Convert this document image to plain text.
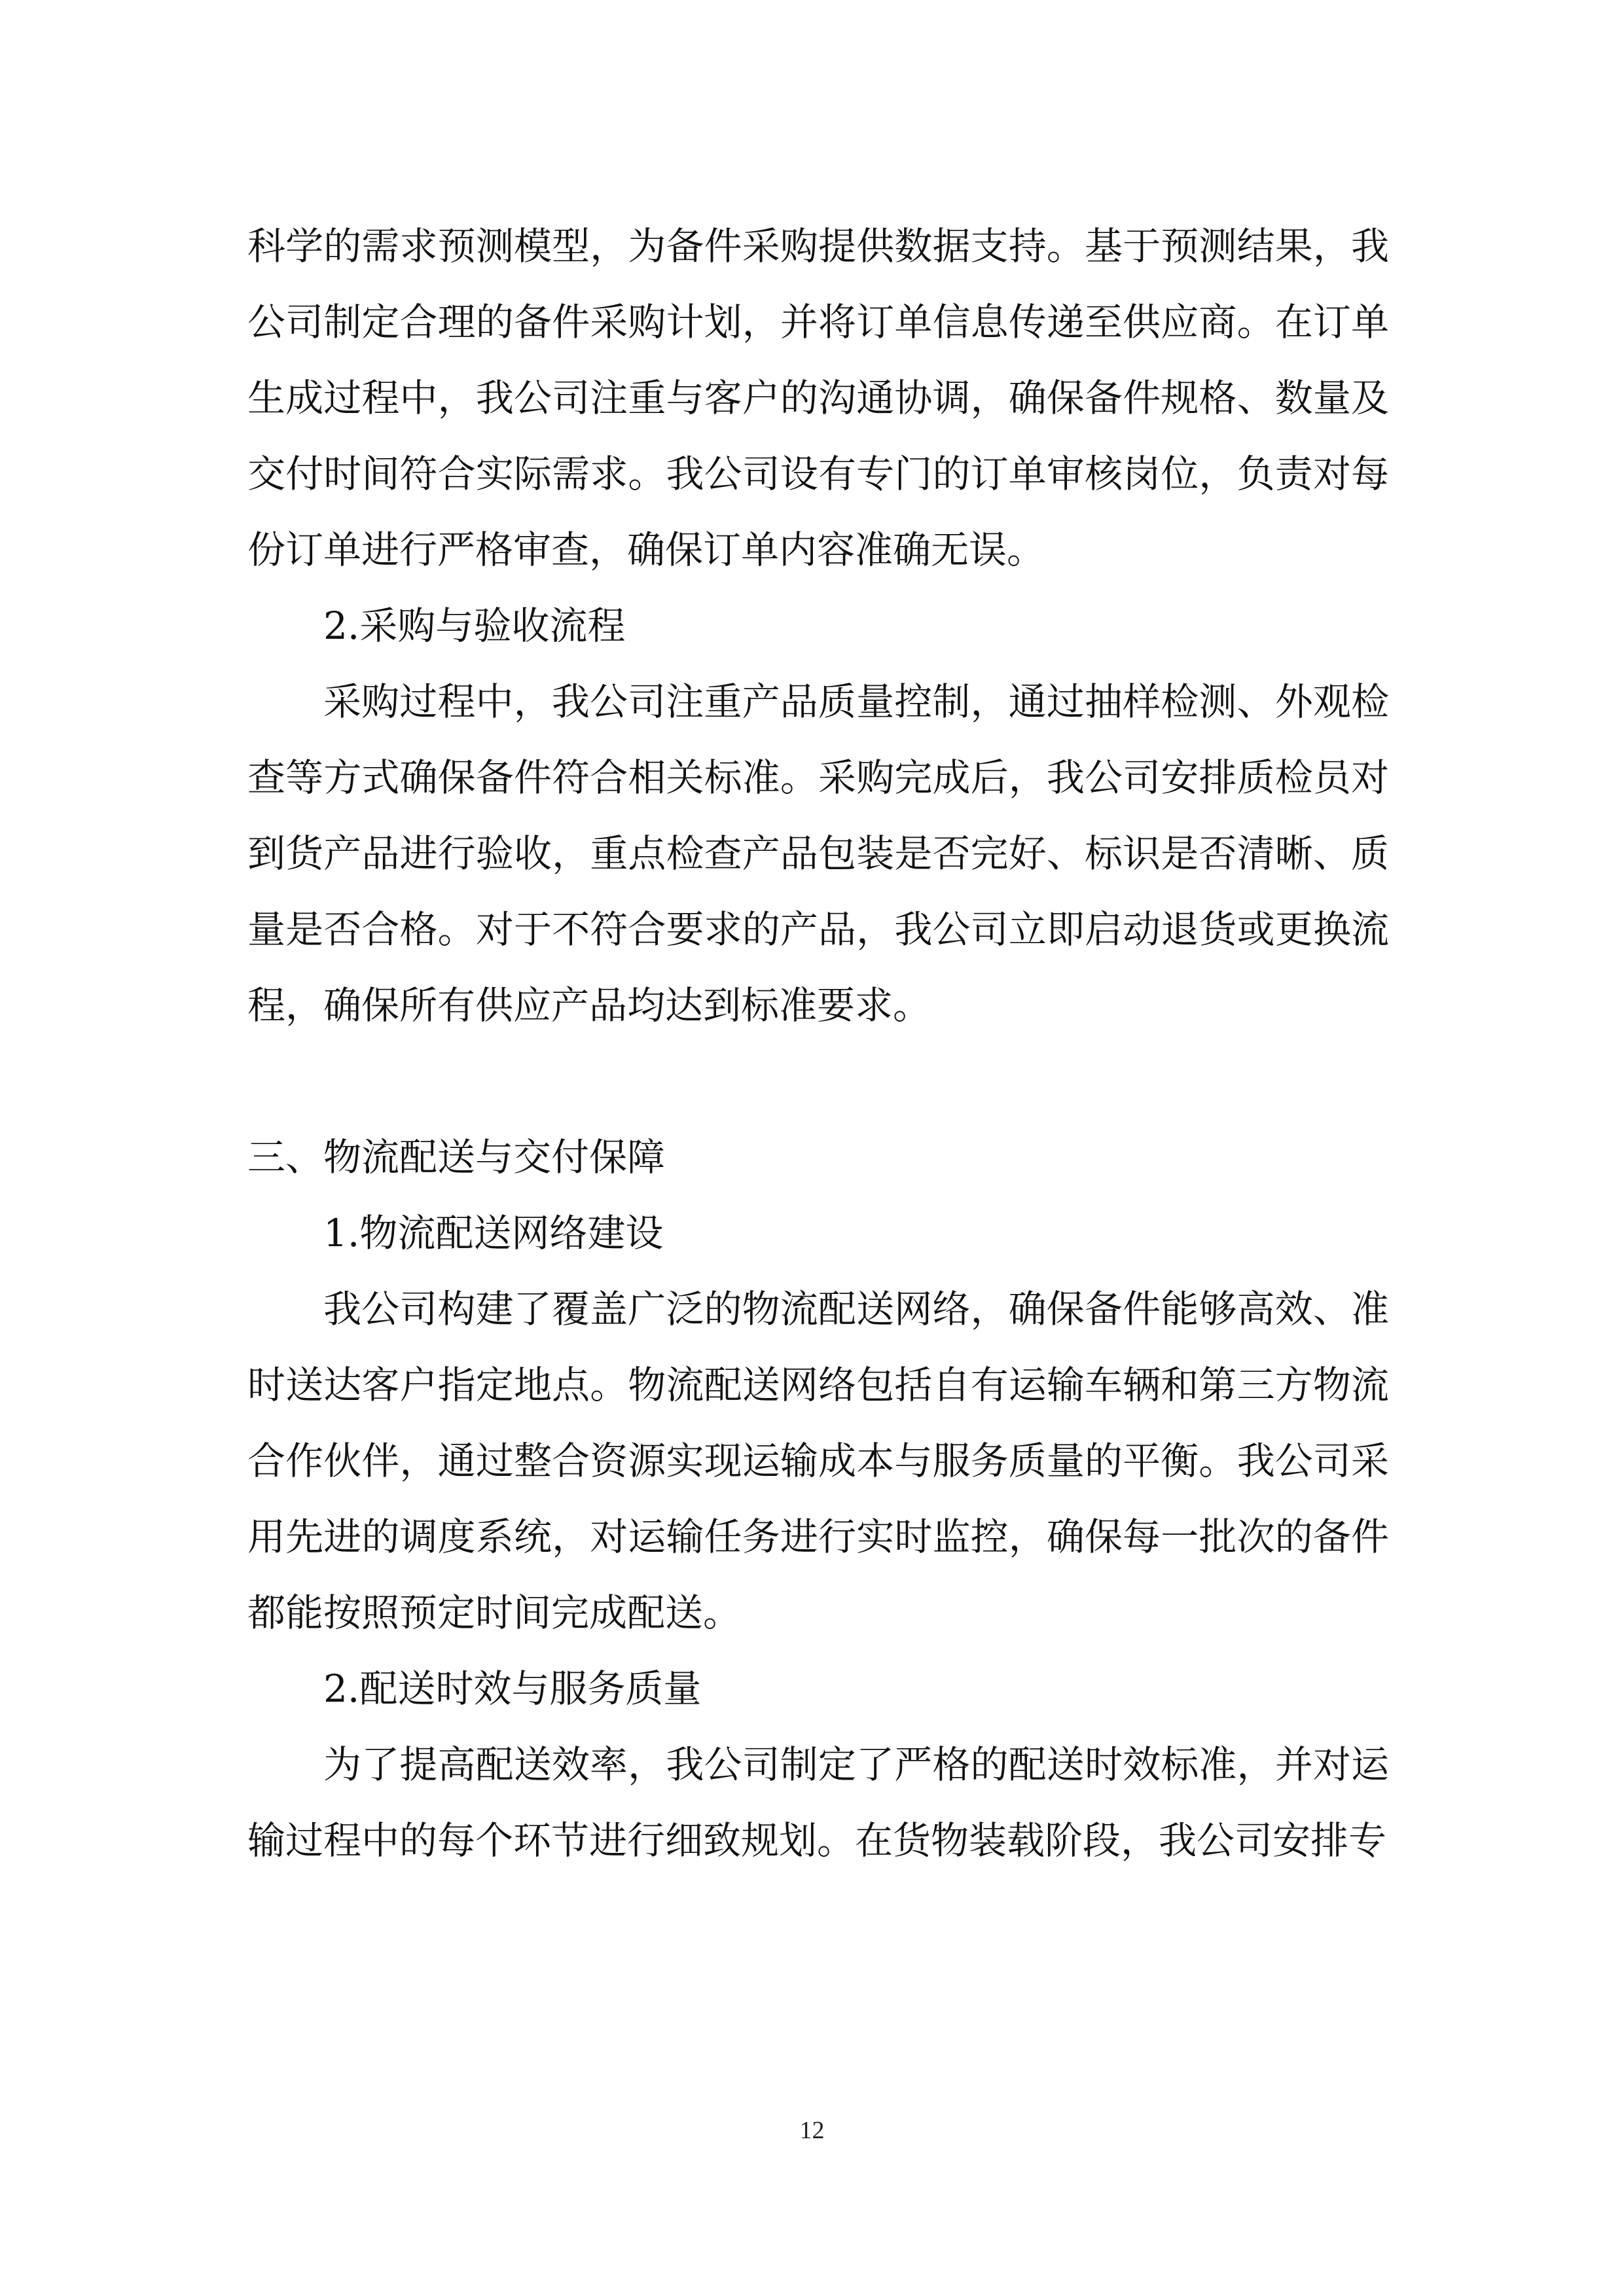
科学的需求预测模型，为备件采购提供数据支持。基于预测结果，我公司制定合理的备件采购计划，并将订单信息传递至供应商。在订单生成过程中，我公司注重与客户的沟通协调，确保备件规格、数量及交付时间符合实际需求。我公司设有专门的订单审核岗位，负责对每份订单进行严格审查，确保订单内容准确无误。

2.采购与验收流程

采购过程中，我公司注重产品质量控制，通过抽样检测、外观检查等方式确保备件符合相关标准。采购完成后，我公司安排质检员对到货产品进行验收，重点检查产品包装是否完好、标识是否清晰、质量是否合格。对于不符合要求的产品，我公司立即启动退货或更换流程，确保所有供应产品均达到标准要求。

三、物流配送与交付保障

1.物流配送网络建设

我公司构建了覆盖广泛的物流配送网络，确保备件能够高效、准时送达客户指定地点。物流配送网络包括自有运输车辆和第三方物流合作伙伴，通过整合资源实现运输成本与服务质量的平衡。我公司采用先进的调度系统，对运输任务进行实时监控，确保每一批次的备件都能按照预定时间完成配送。

2.配送时效与服务质量

为了提高配送效率，我公司制定了严格的配送时效标准，并对运输过程中的每个环节进行细致规划。在货物装载阶段，我公司安排专

12
